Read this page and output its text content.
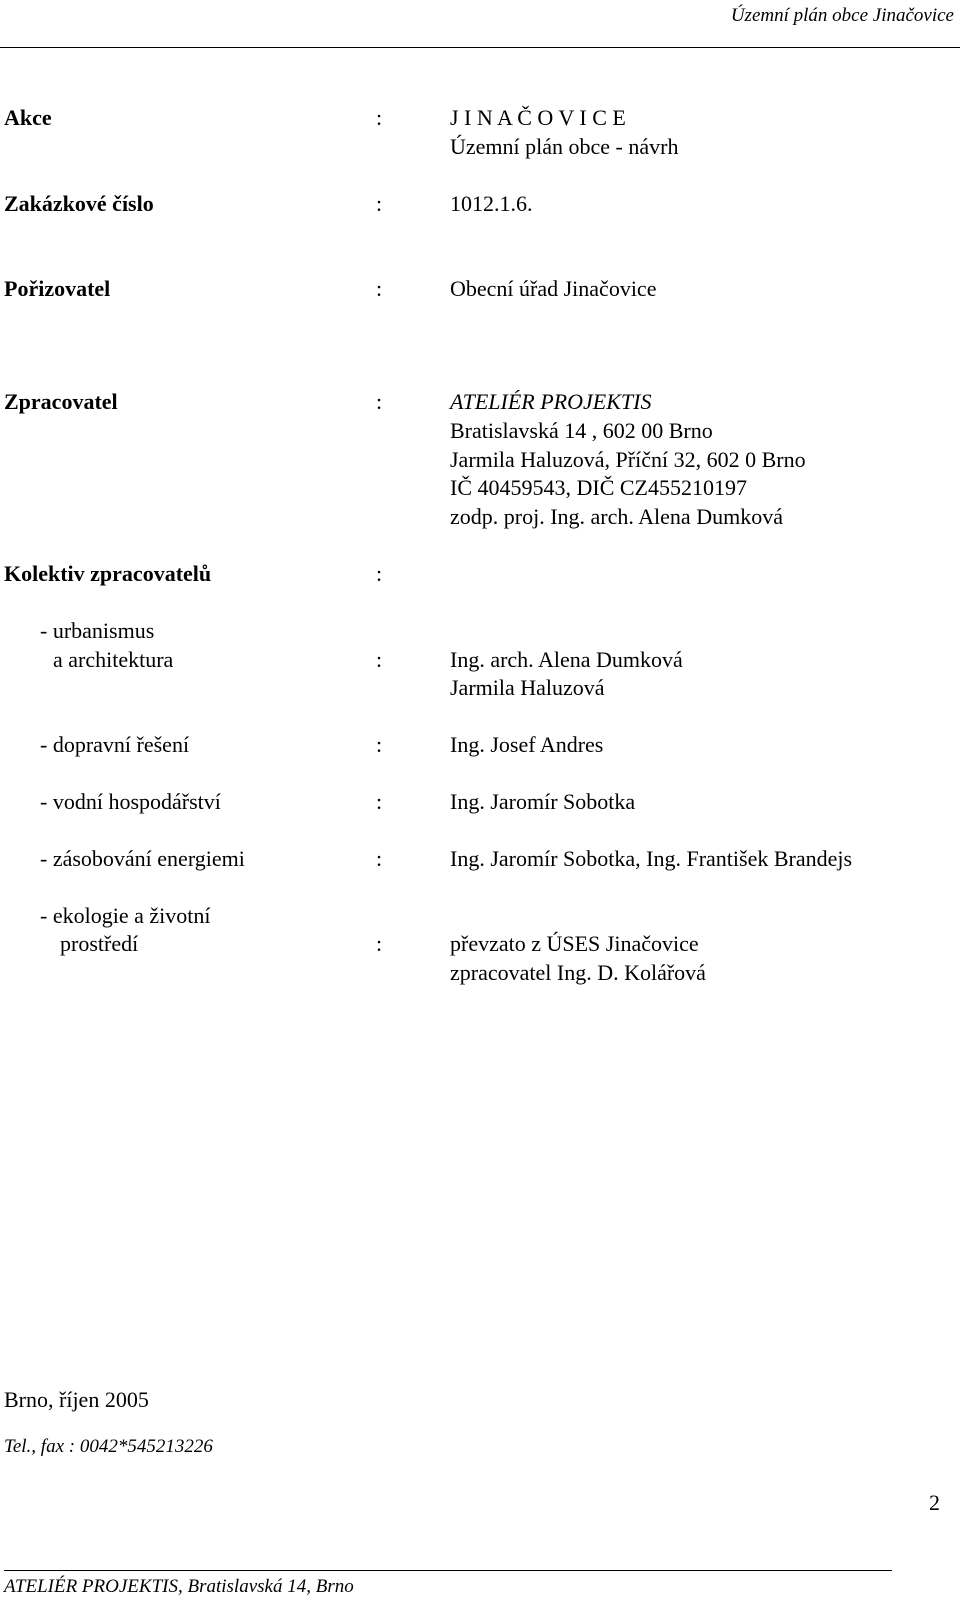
Územní plán obce Jinačovice
Akce	:	J I N A Č O V I C E
Územní plán obce - návrh
Zakázkové číslo	:	1012.1.6.
Pořizovatel	:	Obecní úřad Jinačovice
Zpracovatel	:	ATELIÉR PROJEKTIS
Bratislavská 14 , 602 00 Brno
Jarmila Haluzová, Příční 32, 602 0 Brno
IČ 40459543, DIČ CZ455210197
zodp. proj. Ing. arch. Alena Dumková
Kolektiv zpracovatelů	:
- urbanismus
a architektura	:	Ing. arch. Alena Dumková
Jarmila Haluzová
- dopravní řešení	:	Ing. Josef Andres
- vodní hospodářství	:	Ing. Jaromír Sobotka
- zásobování energiemi	:	Ing. Jaromír Sobotka, Ing. František Brandejs
- ekologie a životní
prostředí	:	převzato z ÚSES Jinačovice
zpracovatel Ing. D. Kolářová
Brno, říjen 2005
Tel., fax : 0042*545213226
2
ATELIÉR PROJEKTIS, Bratislavská 14, Brno
